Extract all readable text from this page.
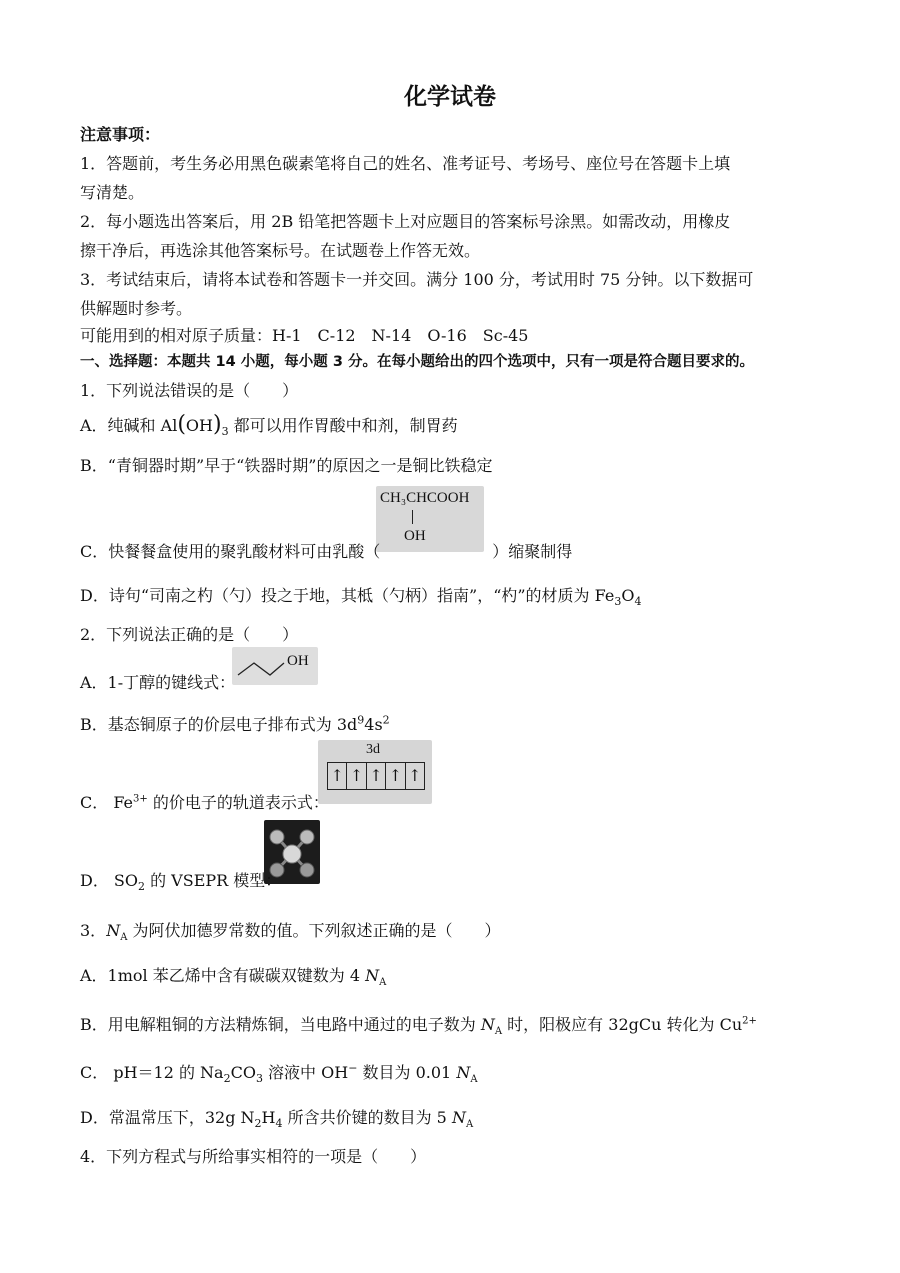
化学试卷
注意事项：
1．答题前，考生务必用黑色碳素笔将自己的姓名、准考证号、考场号、座位号在答题卡上填
写清楚。
2．每小题选出答案后，用 2B 铅笔把答题卡上对应题目的答案标号涂黑。如需改动，用橡皮
擦干净后，再选涂其他答案标号。在试题卷上作答无效。
3．考试结束后，请将本试卷和答题卡一并交回。满分 100 分，考试用时 75 分钟。以下数据可
供解题时参考。
可能用到的相对原子质量：H-1　C-12　N-14　O-16　Sc-45
一、选择题：本题共 14 小题，每小题 3 分。在每小题给出的四个选项中，只有一项是符合题目要求的。
1．下列说法错误的是（　　）
A．纯碱和 $Al(OH)_3$ 都可以用作胃酸中和剂，制胃药
B．“青铜器时期”早于“铁器时期”的原因之一是铜比铁稳定
CH₃CHCOOH
OH
C．快餐餐盒使用的聚乳酸材料可由乳酸（	）缩聚制得
D．诗句“司南之杓（勺）投之于地，其柢（勺柄）指南”，“杓”的材质为 $Fe_3O_4$
2．下列说法正确的是（　　）
OH
A．1-丁醇的键线式：
B．基态铜原子的价层电子排布式为 $3d^94s^2$
3d
↑ ↑ ↑ ↑ ↑
C． $Fe^{3+}$ 的价电子的轨道表示式：
D． $SO_2$ 的 VSEPR 模型：
3．$N_A$ 为阿伏加德罗常数的值。下列叙述正确的是（　　）
A．1mol 苯乙烯中含有碳碳双键数为 4 $N_A$
B．用电解粗铜的方法精炼铜，当电路中通过的电子数为 $N_A$ 时，阳极应有 32gCu 转化为 $Cu^{2+}$
C． pH＝12 的 $Na_2CO_3$ 溶液中 OH− 数目为 0.01 $N_A$
D．常温常压下，32g $N_2H_4$ 所含共价键的数目为 5 $N_A$
4．下列方程式与所给事实相符的一项是（　　）
